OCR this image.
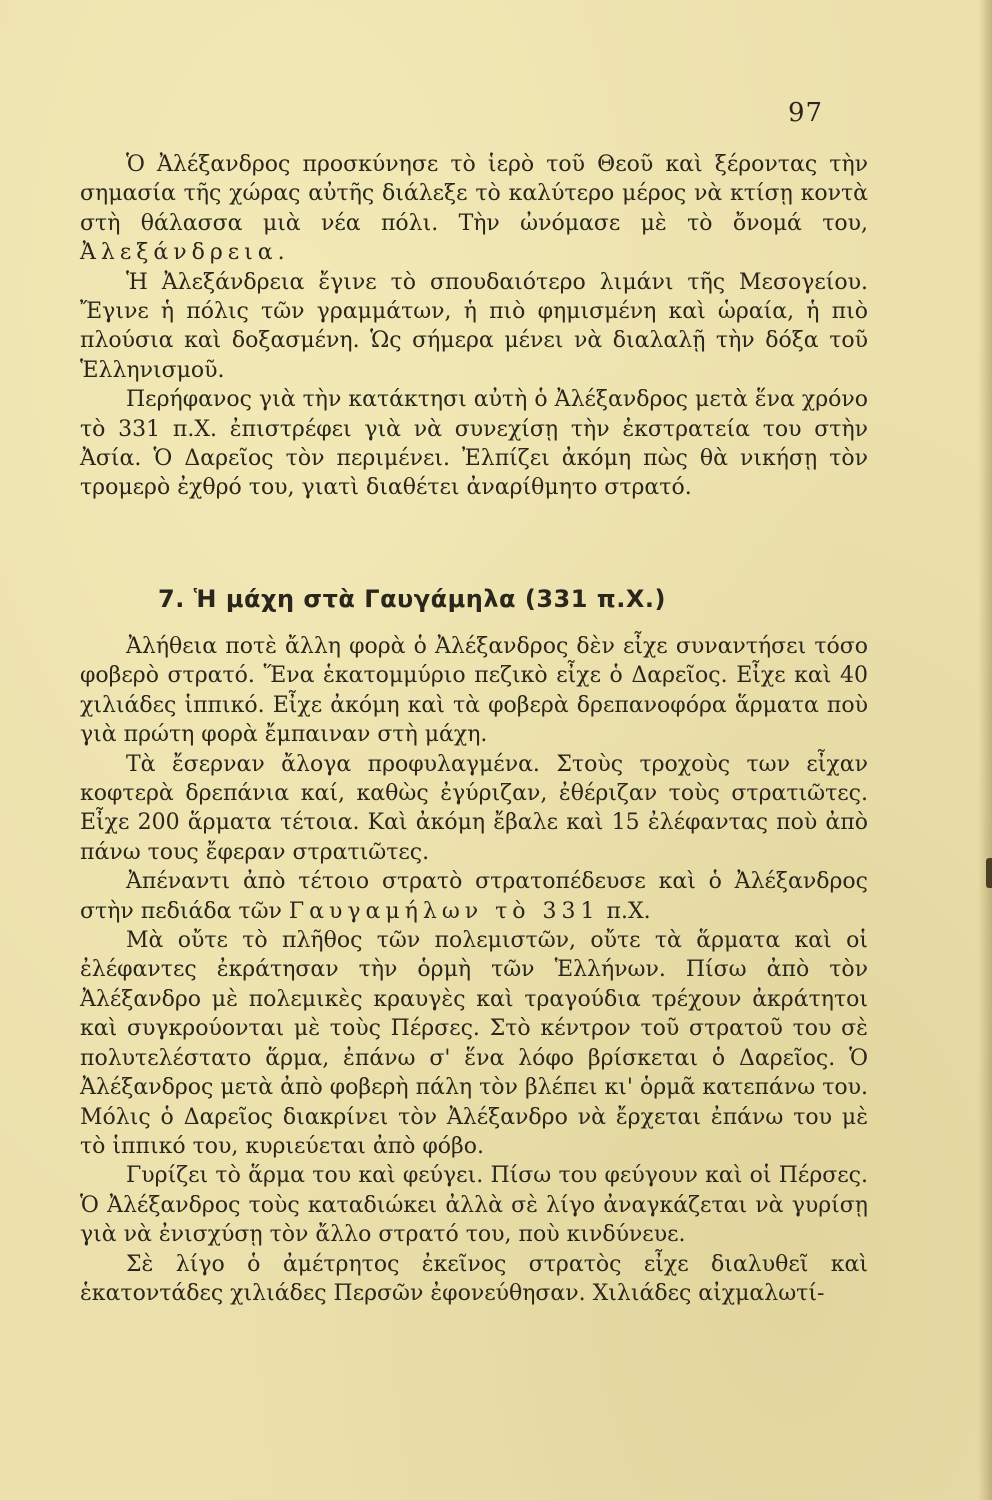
97

Ὁ Ἀλέξανδρος προσκύνησε τὸ ἱερὸ τοῦ Θεοῦ καὶ ξέροντας τὴν σημασία τῆς χώρας αὐτῆς διάλεξε τὸ καλύτερο μέρος νὰ κτίσῃ κοντὰ στὴ θάλασσα μιὰ νέα πόλι. Τὴν ὠνόμασε μὲ τὸ ὄνομά του, Ἀλεξάνδρεια.

Ἡ Ἀλεξάνδρεια ἔγινε τὸ σπουδαιότερο λιμάνι τῆς Μεσογείου. Ἔγινε ἡ πόλις τῶν γραμμάτων, ἡ πιὸ φημισμένη καὶ ὡραία, ἡ πιὸ πλούσια καὶ δοξασμένη. Ὡς σήμερα μένει νὰ διαλαλῇ τὴν δόξα τοῦ Ἑλληνισμοῦ.

Περήφανος γιὰ τὴν κατάκτησι αὐτὴ ὁ Ἀλέξανδρος μετὰ ἕνα χρόνο τὸ 331 π.Χ. ἐπιστρέφει γιὰ νὰ συνεχίσῃ τὴν ἐκστρατεία του στὴν Ἀσία. Ὁ Δαρεῖος τὸν περιμένει. Ἐλπίζει ἀκόμη πὼς θὰ νικήσῃ τὸν τρομερὸ ἐχθρό του, γιατὶ διαθέτει ἀναρίθμητο στρατό.

7. Ἡ μάχη στὰ Γαυγάμηλα (331 π.Χ.)

Ἀλήθεια ποτὲ ἄλλη φορὰ ὁ Ἀλέξανδρος δὲν εἶχε συναντήσει τόσο φοβερὸ στρατό. Ἕνα ἑκατομμύριο πεζικὸ εἶχε ὁ Δαρεῖος. Εἶχε καὶ 40 χιλιάδες ἱππικό. Εἶχε ἀκόμη καὶ τὰ φοβερὰ δρεπανοφόρα ἅρματα ποὺ γιὰ πρώτη φορὰ ἔμπαιναν στὴ μάχη.

Τὰ ἔσερναν ἄλογα προφυλαγμένα. Στοὺς τροχοὺς των εἶχαν κοφτερὰ δρεπάνια καί, καθὼς ἐγύριζαν, ἐθέριζαν τοὺς στρατιῶτες. Εἶχε 200 ἅρματα τέτοια. Καὶ ἀκόμη ἔβαλε καὶ 15 ἐλέφαντας ποὺ ἀπὸ πάνω τους ἔφεραν στρατιῶτες.

Ἀπέναντι ἀπὸ τέτοιο στρατὸ στρατοπέδευσε καὶ ὁ Ἀλέξανδρος στὴν πεδιάδα τῶν Γαυγαμήλων τὸ 331 π.Χ.

Μὰ οὔτε τὸ πλῆθος τῶν πολεμιστῶν, οὔτε τὰ ἅρματα καὶ οἱ ἐλέφαντες ἐκράτησαν τὴν ὁρμὴ τῶν Ἑλλήνων. Πίσω ἀπὸ τὸν Ἀλέξανδρο μὲ πολεμικὲς κραυγὲς καὶ τραγούδια τρέχουν ἀκράτητοι καὶ συγκρούονται μὲ τοὺς Πέρσες. Στὸ κέντρον τοῦ στρατοῦ του σὲ πολυτελέστατο ἅρμα, ἐπάνω σ' ἕνα λόφο βρίσκεται ὁ Δαρεῖος. Ὁ Ἀλέξανδρος μετὰ ἀπὸ φοβερὴ πάλη τὸν βλέπει κι' ὁρμᾶ κατεπάνω του. Μόλις ὁ Δαρεῖος διακρίνει τὸν Ἀλέξανδρο νὰ ἔρχεται ἐπάνω του μὲ τὸ ἱππικό του, κυριεύεται ἀπὸ φόβο.

Γυρίζει τὸ ἅρμα του καὶ φεύγει. Πίσω του φεύγουν καὶ οἱ Πέρσες. Ὁ Ἀλέξανδρος τοὺς καταδιώκει ἀλλὰ σὲ λίγο ἀναγκάζεται νὰ γυρίσῃ γιὰ νὰ ἐνισχύσῃ τὸν ἄλλο στρατό του, ποὺ κινδύνευε.

Σὲ λίγο ὁ ἀμέτρητος ἐκεῖνος στρατὸς εἶχε διαλυθεῖ καὶ ἑκατοντάδες χιλιάδες Περσῶν ἐφονεύθησαν. Χιλιάδες αἰχμαλωτί-
